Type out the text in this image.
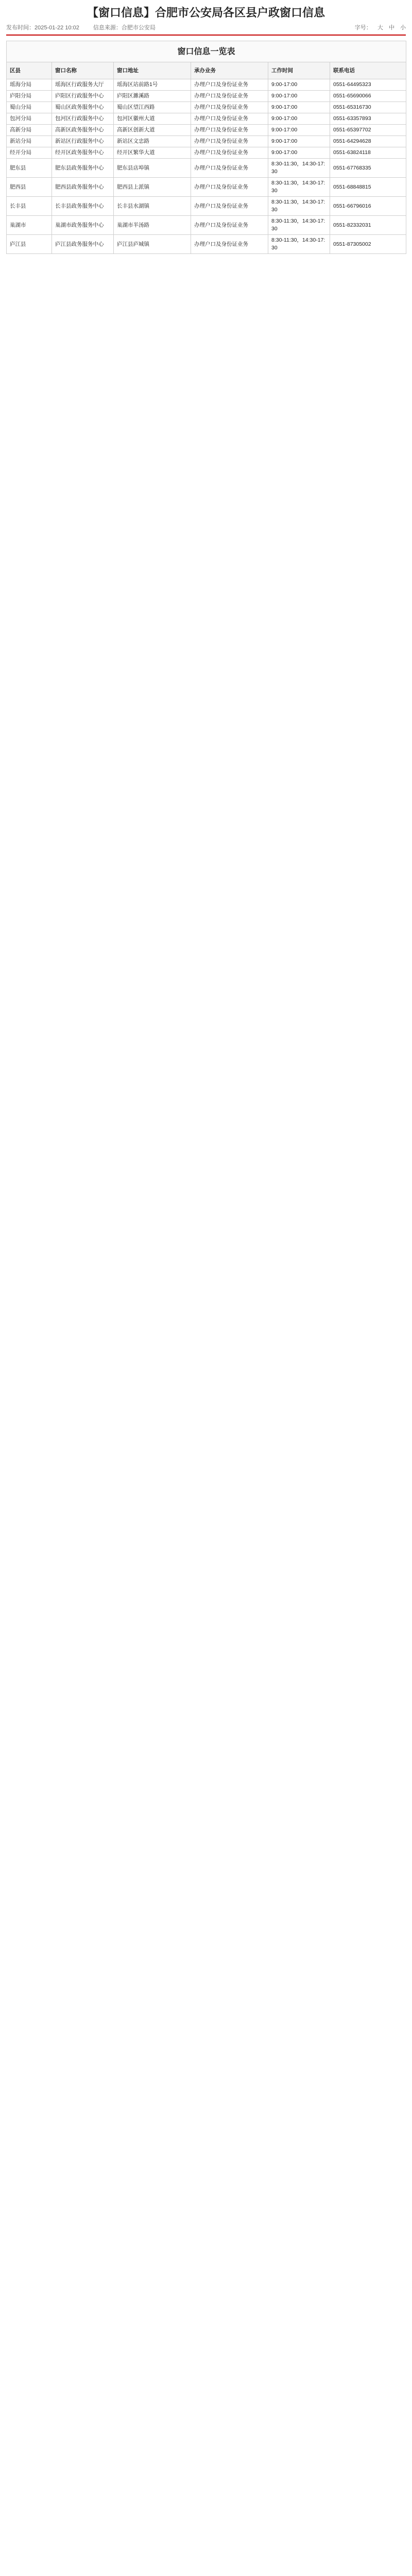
【窗口信息】合肥市公安局各区县户政窗口信息
发布时间：2025-01-22 10:02 信息来源：合肥市公安局	字号： 大 中 小
窗口信息一览表					
区县	窗口名称	窗口地址	承办业务	工作时间	联系电话
瑶海分局	瑶海区行政服务大厅	瑶海区站前路1号	办理户口及身份证业务	9:00-17:00	0551-64495323
庐阳分局	庐阳区行政服务中心	庐阳区濉溪路	办理户口及身份证业务	9:00-17:00	0551-65690066
蜀山分局	蜀山区政务服务中心	蜀山区望江西路	办理户口及身份证业务	9:00-17:00	0551-65316730
包河分局	包河区行政服务中心	包河区徽州大道	办理户口及身份证业务	9:00-17:00	0551-63357893
高新分局	高新区政务服务中心	高新区创新大道	办理户口及身份证业务	9:00-17:00	0551-65397702
新站分局	新站区行政服务中心	新站区文忠路	办理户口及身份证业务	9:00-17:00	0551-64294628
经开分局	经开区政务服务中心	经开区繁华大道	办理户口及身份证业务	9:00-17:00	0551-63824118
肥东县	肥东县政务服务中心	肥东县店埠镇	办理户口及身份证业务	8:30-11:30，14:30-17:30	0551-67768335
肥西县	肥西县政务服务中心	肥西县上派镇	办理户口及身份证业务	8:30-11:30，14:30-17:30	0551-68848815
长丰县	长丰县政务服务中心	长丰县水湖镇	办理户口及身份证业务	8:30-11:30，14:30-17:30	0551-66796016
巢湖市	巢湖市政务服务中心	巢湖市半汤路	办理户口及身份证业务	8:30-11:30，14:30-17:30	0551-82332031
庐江县	庐江县政务服务中心	庐江县庐城镇	办理户口及身份证业务	8:30-11:30，14:30-17:30	0551-87305002
